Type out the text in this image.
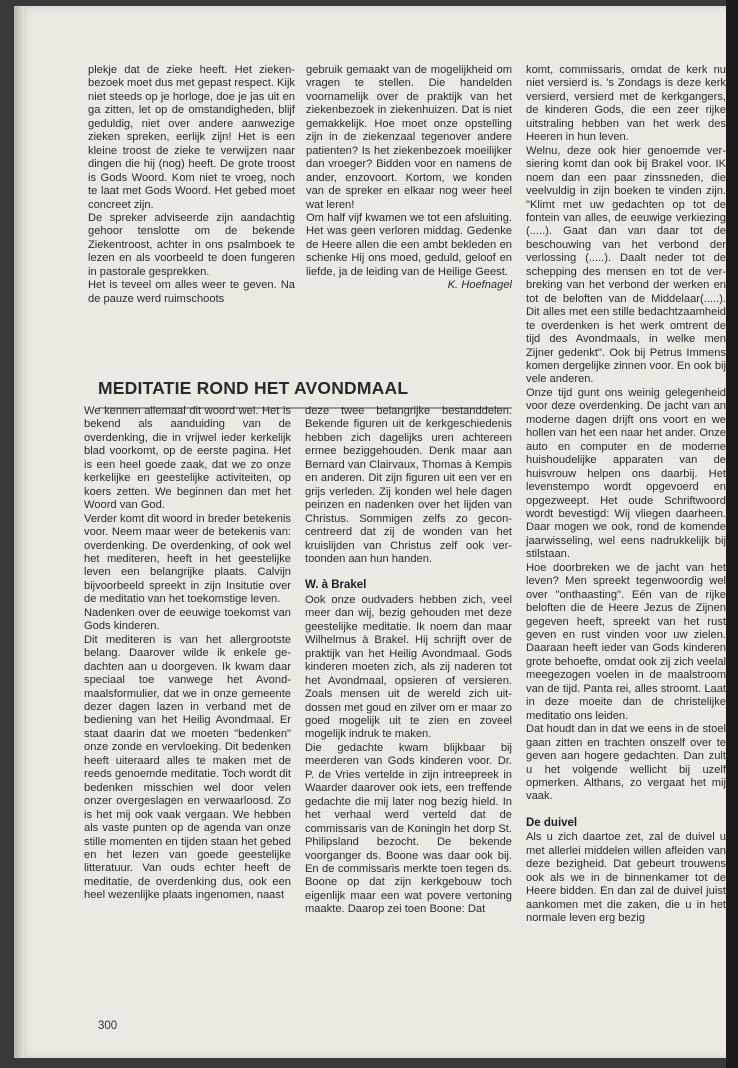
plekje dat de zieke heeft. Het ziekenbezoek moet dus met gepast respect. Kijk niet steeds op je horloge, doe je jas uit en ga zitten, let op de omstandigheden, blijf geduldig, niet over andere aanwezige zieken spreken, eerlijk zijn! Het is een kleine troost de zieke te verwijzen naar dingen die hij (nog) heeft. De grote troost is Gods Woord. Kom niet te vroeg, noch te laat met Gods Woord. Het gebed moet concreet zijn.

De spreker adviseerde zijn aandachtig gehoor tenslotte om de bekende Ziekentroost, achter in ons psalmboek te lezen en als voorbeeld te doen fungeren in pastorale gesprekken.

Het is teveel om alles weer te geven. Na de pauze werd ruimschoots

gebruik gemaakt van de mogelijkheid om vragen te stellen. Die handelden voornamelijk over de praktijk van het ziekenbezoek in ziekenhuizen. Dat is niet gemakkelijk. Hoe moet onze opstelling zijn in de ziekenzaal tegenover andere patienten? Is het ziekenbezoek moeilijker dan vroeger? Bidden voor en namens de ander, enzovoort. Kortom, we konden van de spreker en elkaar nog weer heel wat leren!

Om half vijf kwamen we tot een afsluiting. Het was geen verloren middag. Gedenke de Heere allen die een ambt bekleden en schenke Hij ons moed, geduld, geloof en liefde, ja de leiding van de Heilige Geest.

K. Hoefnagel

MEDITATIE ROND HET AVONDMAAL

We kennen allemaal dit woord wel. Het is bekend als aanduiding van de overdenking, die in vrijwel ieder kerkelijk blad voorkomt, op de eerste pagina. Het is een heel goede zaak, dat we zo onze kerkelijke en geestelijke activiteiten, op koers zetten. We beginnen dan met het Woord van God.

Verder komt dit woord in breder betekenis voor. Neem maar weer de betekenis van: overdenking. De overdenking, of ook wel het mediteren, heeft in het geestelijke leven een belangrijke plaats. Calvijn bijvoorbeeld spreekt in zijn Insitutie over de meditatio van het toekomstige leven.

Nadenken over de eeuwige toekomst van Gods kinderen.

Dit mediteren is van het allergrootste belang. Daarover wilde ik enkele gedachten aan u doorgeven. Ik kwam daar speciaal toe vanwege het Avondmaalsformulier, dat we in onze gemeente dezer dagen lazen in verband met de bediening van het Heilig Avondmaal. Er staat daarin dat we moeten "bedenken" onze zonde en vervloeking. Dit bedenken heeft uiteraard alles te maken met de reeds genoemde meditatie. Toch wordt dit bedenken misschien wel door velen onzer overgeslagen en verwaarloosd. Zo is het mij ook vaak vergaan. We hebben als vaste punten op de agenda van onze stille momenten en tijden staan het gebed en het lezen van goede geestelijke litteratuur. Van ouds echter heeft de meditatie, de overdenking dus, ook een heel wezenlijke plaats ingenomen, naast

deze twee belangrijke bestanddelen. Bekende figuren uit de kerkgeschiedenis hebben zich dagelijks uren achtereen ermee beziggehouden. Denk maar aan Bernard van Clairvaux, Thomas à Kempis en anderen. Dit zijn figuren uit een ver en grijs verleden. Zij konden wel hele dagen peinzen en nadenken over het lijden van Christus. Sommigen zelfs zo geconcentreerd dat zij de wonden van het kruislijden van Christus zelf ook vertoonden aan hun handen.

W. à Brakel

Ook onze oudvaders hebben zich, veel meer dan wij, bezig gehouden met deze geestelijke meditatie. Ik noem dan maar Wilhelmus à Brakel. Hij schrijft over de praktijk van het Heilig Avondmaal. Gods kinderen moeten zich, als zij naderen tot het Avondmaal, opsieren of versieren. Zoals mensen uit de wereld zich uitdossen met goud en zilver om er maar zo goed mogelijk uit te zien en zoveel mogelijk indruk te maken.

Die gedachte kwam blijkbaar bij meerderen van Gods kinderen voor. Dr. P. de Vries vertelde in zijn intreepreek in Waarder daarover ook iets, een treffende gedachte die mij later nog bezig hield. In het verhaal werd verteld dat de commissaris van de Koningin het dorp St. Philipsland bezocht. De bekende voorganger ds. Boone was daar ook bij. En de commissaris merkte toen tegen ds. Boone op dat zijn kerkgebouw toch eigenlijk maar een wat povere vertoning maakte. Daarop zei toen Boone: Dat

komt, commissaris, omdat de kerk nu niet versierd is. 's Zondags is deze kerk versierd, versierd met de kerkgangers, de kinderen Gods, die een zeer rijke uitstraling hebben van het werk des Heeren in hun leven.

Welnu, deze ook hier genoemde versiering komt dan ook bij Brakel voor. IK noem dan een paar zinssneden, die veelvuldig in zijn boeken te vinden zijn. "Klimt met uw gedachten op tot de fontein van alles, de eeuwige verkiezing (.....). Gaat dan van daar tot de beschouwing van het verbond der verlossing (.....). Daalt neder tot de schepping des mensen en tot de verbreking van het verbond der werken en tot de beloften van de Middelaar(.....). Dit alles met een stille bedachtzaamheid te overdenken is het werk omtrent de tijd des Avondmaals, in welke men Zijner gedenkt". Ook bij Petrus Immens komen dergelijke zinnen voor. En ook bij vele anderen.

Onze tijd gunt ons weinig gelegenheid voor deze overdenking. De jacht van an moderne dagen drijft ons voort en we hollen van het een naar het ander. Onze auto en computer en de moderne huishoudelijke apparaten van de huisvrouw helpen ons daarbij. Het levenstempo wordt opgevoerd en opgezweept. Het oude Schriftwoord wordt bevestigd: Wij vliegen daarheen. Daar mogen we ook, rond de komende jaarwisseling, wel eens nadrukkelijk bij stilstaan.

Hoe doorbreken we de jacht van het leven? Men spreekt tegenwoordig wel over "onthaasting". Eén van de rijke beloften die de Heere Jezus de Zijnen gegeven heeft, spreekt van het rust geven en rust vinden voor uw zielen. Daaraan heeft ieder van Gods kinderen grote behoefte, omdat ook zij zich veelal meegezogen voelen in de maalstroom van de tijd. Panta rei, alles stroomt. Laat in deze moeite dan de christelijke meditatio ons leiden.

Dat houdt dan in dat we eens in de stoel gaan zitten en trachten onszelf over te geven aan hogere gedachten. Dan zult u het volgende wellicht bij uzelf opmerken. Althans, zo vergaat het mij vaak.

De duivel

Als u zich daartoe zet, zal de duivel u met allerlei middelen willen afleiden van deze bezigheid. Dat gebeurt trouwens ook als we in de binnenkamer tot de Heere bidden. En dan zal de duivel juist aankomen met die zaken, die u in het normale leven erg bezig

300
